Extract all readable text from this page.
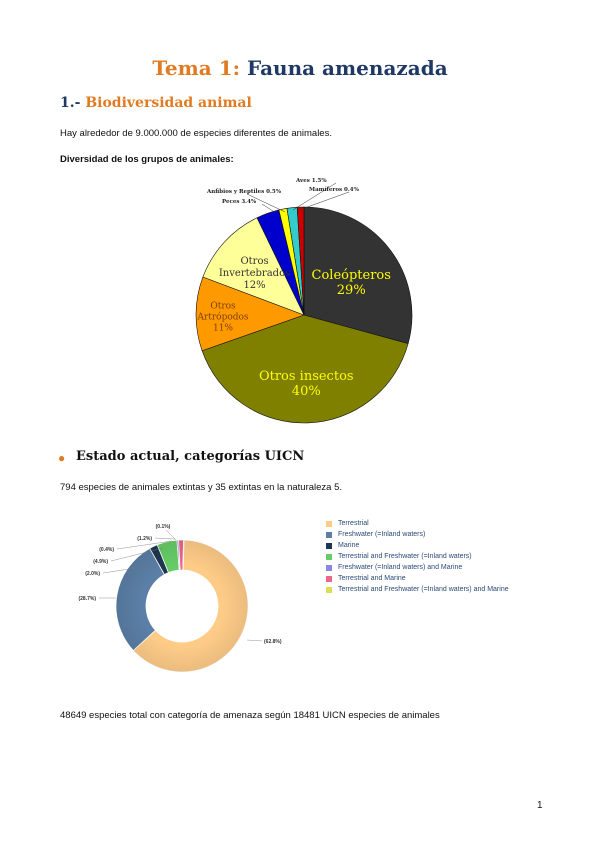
Tema 1: Fauna amenazada
1.- Biodiversidad animal
Hay alrededor de 9.000.000 de especies diferentes de animales.
Diversidad de los grupos de animales:
● Estado actual, categorías UICN
794 especies de animales extintas y 35 extintas en la naturaleza 5.
Coleópteros
29%
Otros insectos
40%
Otros
Artrópodos
11%
Otros
Invertebrados
12%
Anfibios y Reptiles 0.5%
Peces 3.4%
Aves 1.5%
Mamíferos 0.4%
(62.8%)
(28.7%)
(2.0%)
(4.9%)
(0.4%)
(1.2%)
(0.1%)	Terrestrial
Freshwater (=Inland waters)
Marine
Terrestrial and Freshwater (=Inland waters)
Freshwater (=Inland waters) and Marine
Terrestrial and Marine
Terrestrial and Freshwater (=Inland waters) and Marine
48649 especies total con categoría de amenaza según 18481 UICN especies de animales
1
